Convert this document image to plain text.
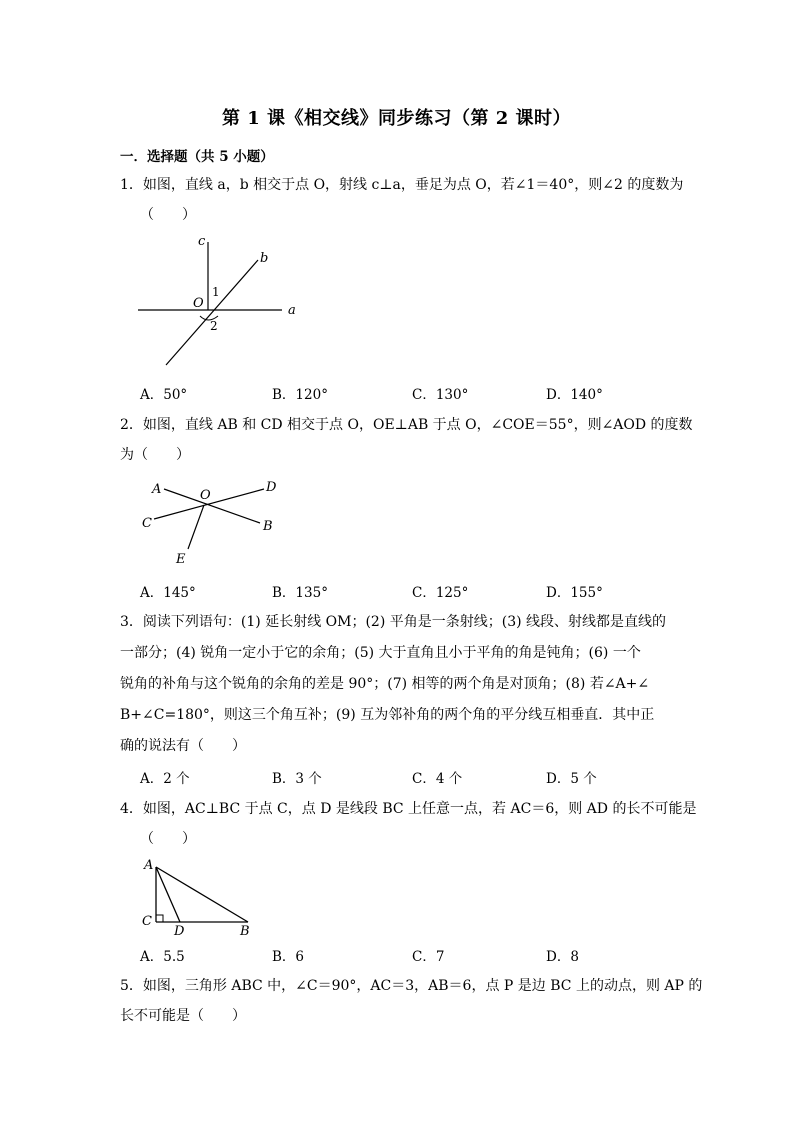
第 1 课《相交线》同步练习（第 2 课时）
一．选择题（共 5 小题）
1．如图，直线 a，b 相交于点 O，射线 c⊥a，垂足为点 O，若∠1＝40°，则∠2 的度数为
（　　）
c
b
a
O
1
2
A．50°	B．120°	C．130°	D．140°
2．如图，直线 AB 和 CD 相交于点 O，OE⊥AB 于点 O，∠COE＝55°，则∠AOD 的度数
为（　　）
A	O
D
C	B
E
A．145°	B．135°	C．125°	D．155°
3．阅读下列语句：(1) 延长射线 OM；(2) 平角是一条射线；(3) 线段、射线都是直线的
一部分；(4) 锐角一定小于它的余角；(5) 大于直角且小于平角的角是钝角；(6) 一个
锐角的补角与这个锐角的余角的差是 90°；(7) 相等的两个角是对顶角；(8) 若∠A+∠
B+∠C=180°，则这三个角互补；(9) 互为邻补角的两个角的平分线互相垂直．其中正
确的说法有（　　）
A．2 个	B．3 个	C．4 个	D．5 个
4．如图，AC⊥BC 于点 C，点 D 是线段 BC 上任意一点，若 AC＝6，则 AD 的长不可能是
（　　）
A
C
D	B
A．5.5	B．6	C．7	D．8
5．如图，三角形 ABC 中，∠C＝90°，AC＝3，AB＝6，点 P 是边 BC 上的动点，则 AP 的
长不可能是（　　）
